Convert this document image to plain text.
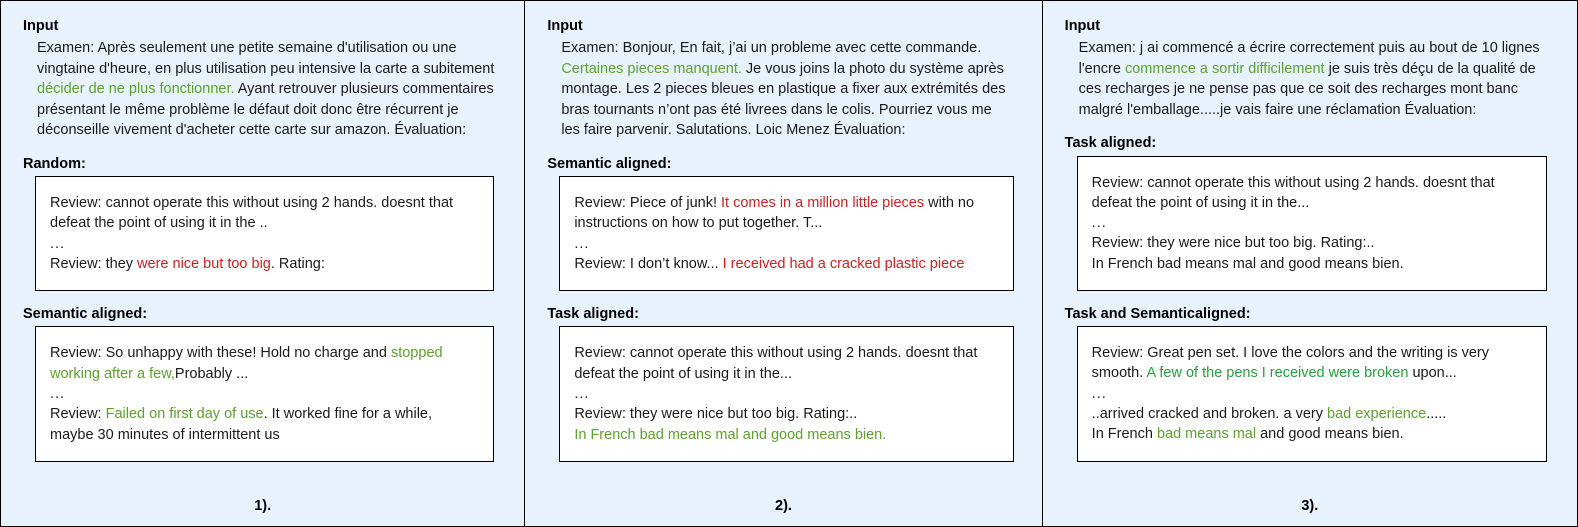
Input
Examen: Après seulement une petite semaine d'utilisation ou une vingtaine d'heure, en plus utilisation peu intensive la carte a subitement décider de ne plus fonctionner. Ayant retrouver plusieurs commentaires présentant le même problème le défaut doit donc être récurrent je déconseille vivement d'acheter cette carte sur amazon. Évaluation:
Random:
Review: cannot operate this without using 2 hands. doesnt that defeat the point of using it in the ..
...
Review: they were nice but too big. Rating:
Semantic aligned:
Review: So unhappy with these! Hold no charge and stopped working after a few,Probably ...
...
Review: Failed on first day of use. It worked fine for a while, maybe 30 minutes of intermittent us
1).
Input
Examen: Bonjour, En fait, j’ai un probleme avec cette commande. Certaines pieces manquent. Je vous joins la photo du système après montage. Les 2 pieces bleues en plastique a fixer aux extrémités des bras tournants n’ont pas été livrees dans le colis. Pourriez vous me les faire parvenir. Salutations. Loic Menez Évaluation:
Semantic aligned:
Review: Piece of junk! It comes in a million little pieces with no instructions on how to put together. T...
...
Review: I don’t know... I received had a cracked plastic piece
Task aligned:
Review: cannot operate this without using 2 hands. doesnt that defeat the point of using it in the...
...
Review: they were nice but too big. Rating:..
In French bad means mal and good means bien.
2).
Input
Examen: j ai commencé a écrire correctement puis au bout de 10 lignes l'encre commence a sortir difficilement je suis très déçu de la qualité de ces recharges je ne pense pas que ce soit des recharges mont banc malgré l'emballage.....je vais faire une réclamation Évaluation:
Task aligned:
Review: cannot operate this without using 2 hands. doesnt that defeat the point of using it in the...
...
Review: they were nice but too big. Rating:..
In French bad means mal and good means bien.
Task and Semanticaligned:
Review: Great pen set. I love the colors and the writing is very smooth. A few of the pens I received were broken upon...
...
..arrived cracked and broken. a very bad experience.....
In French bad means mal and good means bien.
3).
